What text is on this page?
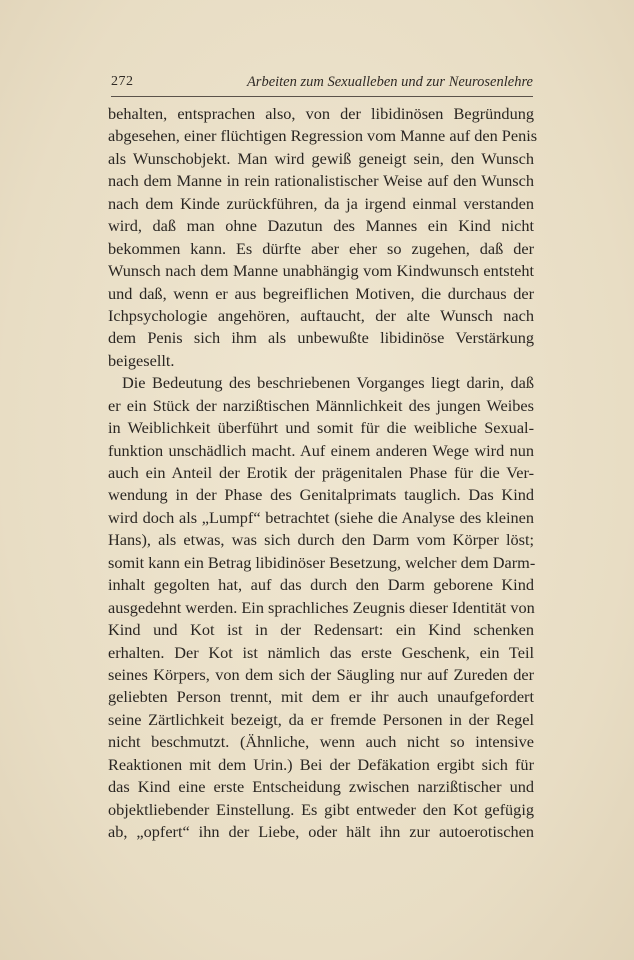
272	Arbeiten zum Sexualleben und zur Neurosenlehre
behalten, entsprachen also, von der libidinösen Begründung
abgesehen, einer flüchtigen Regression vom Manne auf den Penis
als Wunschobjekt. Man wird gewiß geneigt sein, den Wunsch
nach dem Manne in rein rationalistischer Weise auf den Wunsch
nach dem Kinde zurückführen, da ja irgend einmal verstanden
wird, daß man ohne Dazutun des Mannes ein Kind nicht
bekommen kann. Es dürfte aber eher so zugehen, daß der
Wunsch nach dem Manne unabhängig vom Kindwunsch entsteht
und daß, wenn er aus begreiflichen Motiven, die durchaus der
Ichpsychologie angehören, auftaucht, der alte Wunsch nach
dem Penis sich ihm als unbewußte libidinöse Verstärkung
beigesellt.
Die Bedeutung des beschriebenen Vorganges liegt darin, daß
er ein Stück der narzißtischen Männlichkeit des jungen Weibes
in Weiblichkeit überführt und somit für die weibliche Sexual-
funktion unschädlich macht. Auf einem anderen Wege wird nun
auch ein Anteil der Erotik der prägenitalen Phase für die Ver-
wendung in der Phase des Genitalprimats tauglich. Das Kind
wird doch als „Lumpf“ betrachtet (siehe die Analyse des kleinen
Hans), als etwas, was sich durch den Darm vom Körper löst;
somit kann ein Betrag libidinöser Besetzung, welcher dem Darm-
inhalt gegolten hat, auf das durch den Darm geborene Kind
ausgedehnt werden. Ein sprachliches Zeugnis dieser Identität von
Kind und Kot ist in der Redensart: ein Kind schenken
erhalten. Der Kot ist nämlich das erste Geschenk, ein Teil
seines Körpers, von dem sich der Säugling nur auf Zureden der
geliebten Person trennt, mit dem er ihr auch unaufgefordert
seine Zärtlichkeit bezeigt, da er fremde Personen in der Regel
nicht beschmutzt. (Ähnliche, wenn auch nicht so intensive
Reaktionen mit dem Urin.) Bei der Defäkation ergibt sich für
das Kind eine erste Entscheidung zwischen narzißtischer und
objektliebender Einstellung. Es gibt entweder den Kot gefügig
ab, „opfert“ ihn der Liebe, oder hält ihn zur autoerotischen
